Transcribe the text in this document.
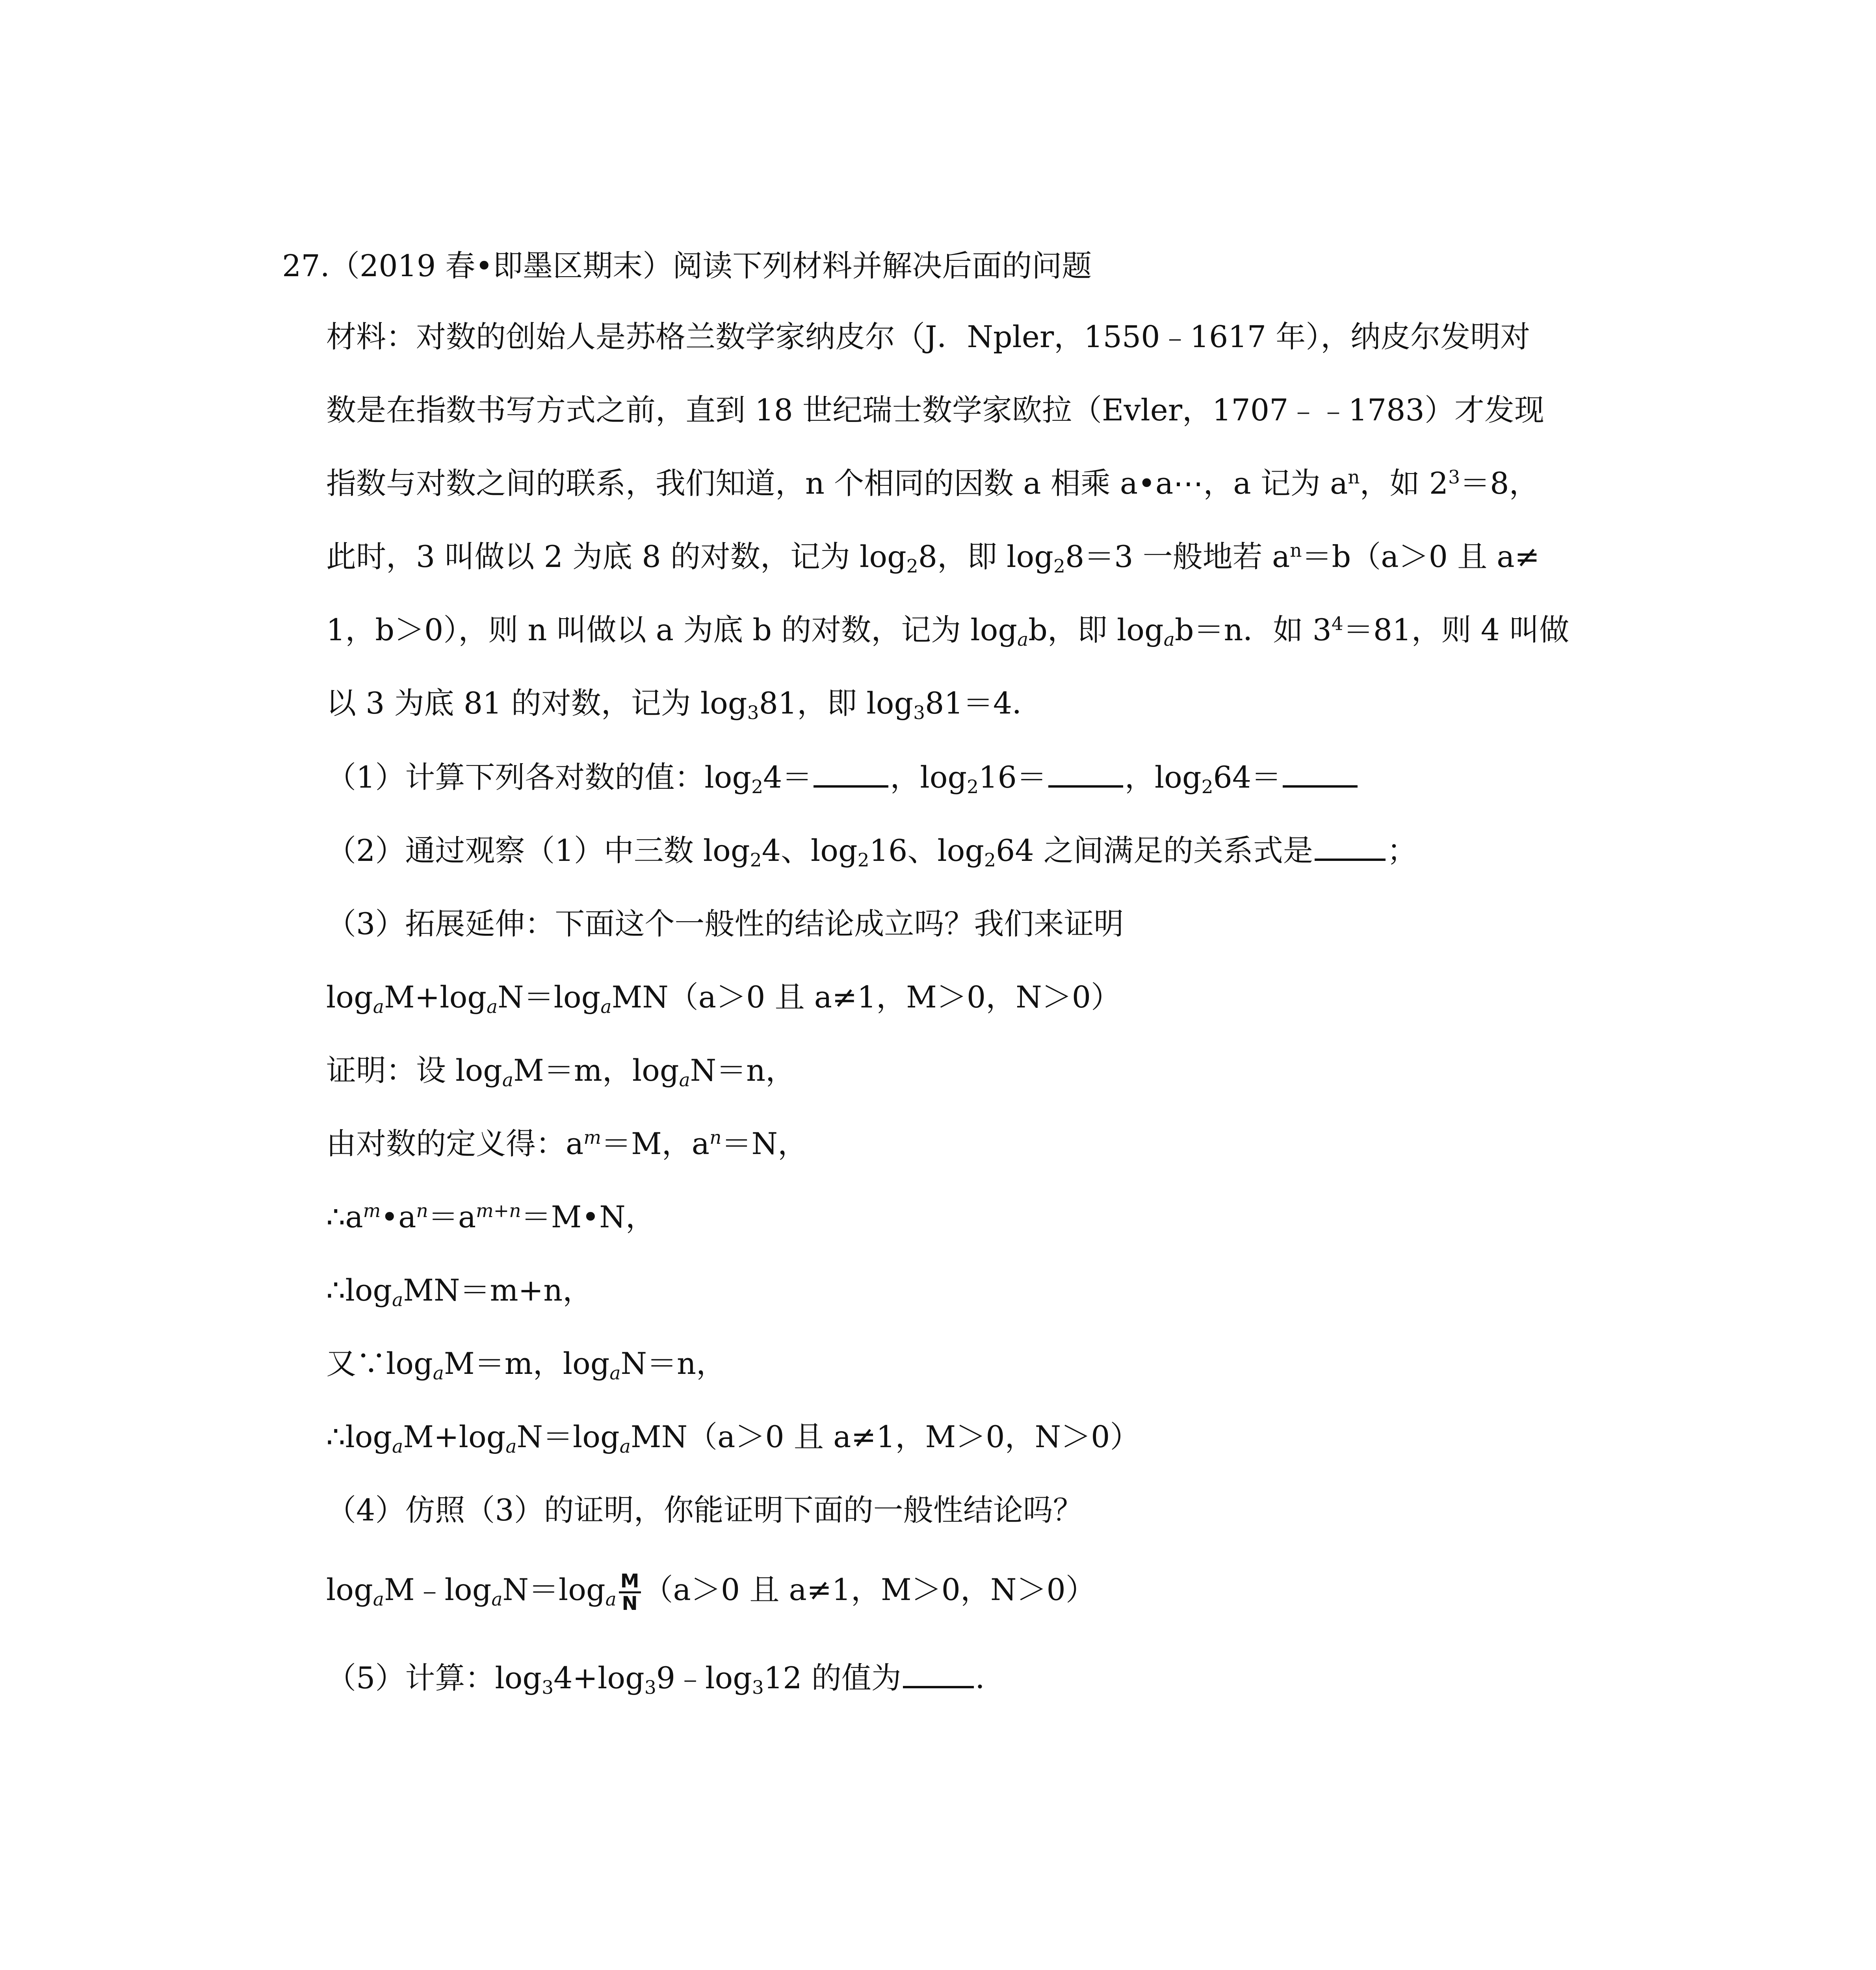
27.（2019 春•即墨区期末）阅读下列材料并解决后面的问题
材料：对数的创始人是苏格兰数学家纳皮尔（J．Npler，1550﹣1617 年），纳皮尔发明对
数是在指数书写方式之前，直到 18 世纪瑞士数学家欧拉（Evler，1707﹣﹣1783）才发现
指数与对数之间的联系，我们知道，n 个相同的因数 a 相乘 a•a⋯，a 记为 $a^n$，如 $2^3=8$，
此时，3 叫做以 2 为底 8 的对数，记为 $\log_28$，即 $\log_28=3$ 一般地若 $a^n=b(a>0$ 且 a≠
1，b＞0），则 n 叫做以 a 为底 b 的对数，记为 $\log_ab$，即 $\log_ab=n$．如 $3^4=81$，则 4 叫做
以 3 为底 81 的对数，记为 $\log_381$，即 $\log_381=4$．
（1）计算下列各对数的值：$\log_24=$	，$\log_216=$	，$\log_264=$
（2）通过观察（1）中三数 $\log_24$、$\log_216$、$\log_264$ 之间满足的关系式是 ；
（3）拓展延伸：下面这个一般性的结论成立吗？我们来证明
$\log_aM+\log_aN=\log_aMN(a>0$ 且 a≠1，M＞0，N＞0）
证明：设 $\log_aM=m$，$\log_aN=n$，
由对数的定义得：$a^m=M$，$a^n=N$，
$\therefore a^m•a^n=a^{m+n}=M•N$，
$\therefore\log_aMN=m+n$，
又$\because\log_aM=m$，$\log_aN=n$，
$\therefore\log_aM+\log_aN=\log_aMN(a>0$ 且 a≠1，M＞0，N＞0）
（4）仿照（3）的证明，你能证明下面的一般性结论吗？
$\log_aM﹣\log_aN=\log_a \frac{M}{N} (a>0$ 且 a≠1，M＞0，N＞0）
（5）计算：$\log_34+\log_39﹣\log_312$ 的值为 ．
